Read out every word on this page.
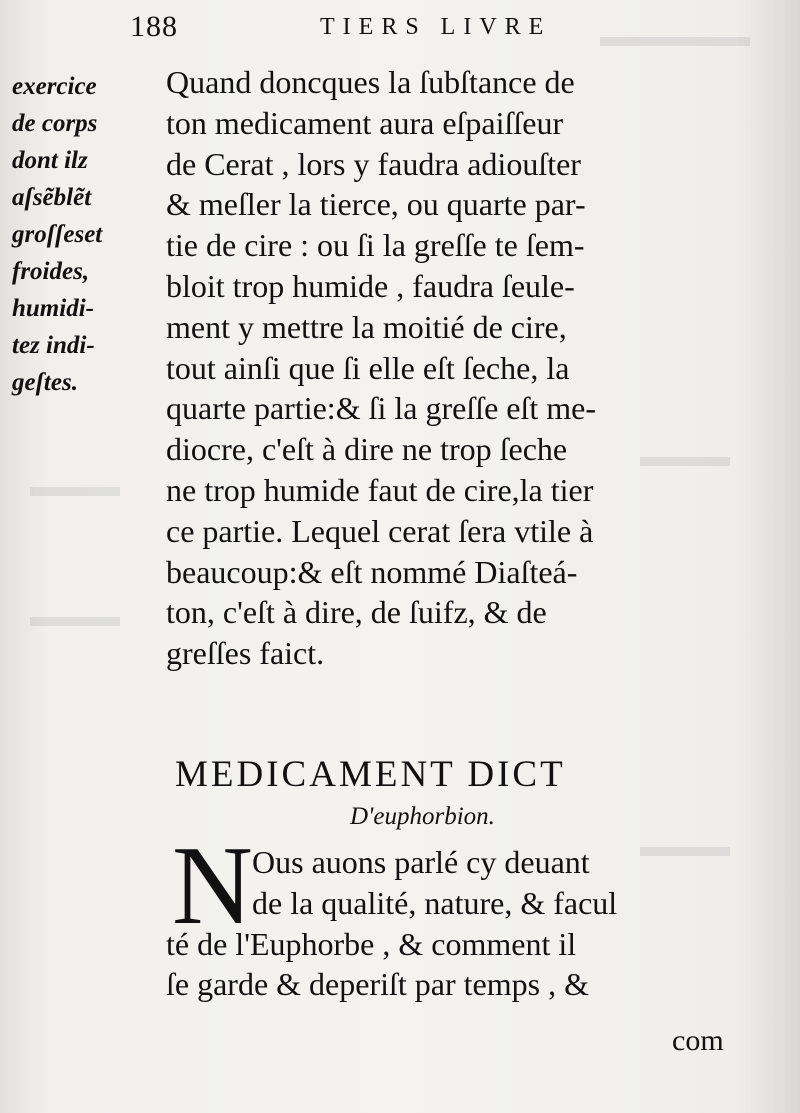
▬▬▬▬▬
▬▬▬
▬▬▬
▬▬▬
▬▬▬
188	TIERS LIVRE
exercice
de corps
dont ilz
aſsẽblẽt
groſſeset
froides,
humidi-
tez indi-
geſtes.
Quand doncques la ſubſtance de
ton medicament aura eſpaiſſeur
de Cerat , lors y faudra adiouſter
& meſler la tierce, ou quarte par-
tie de cire : ou ſi la greſſe te ſem-
bloit trop humide , faudra ſeule-
ment y mettre la moitié de cire,
tout ainſi que ſi elle eſt ſeche, la
quarte partie:& ſi la greſſe eſt me-
diocre, c'eſt à dire ne trop ſeche
ne trop humide faut de cire,la tier
ce partie. Lequel cerat ſera vtile à
beaucoup:& eſt nommé Diaſteá-
ton, c'eſt à dire, de ſuifz, & de
greſſes faict.
MEDICAMENT DICT
D'euphorbion.
N Ous auons parlé cy deuant
de la qualité, nature, & facul
té de l'Euphorbe , & comment il
ſe garde & deperiſt par temps , &
com
